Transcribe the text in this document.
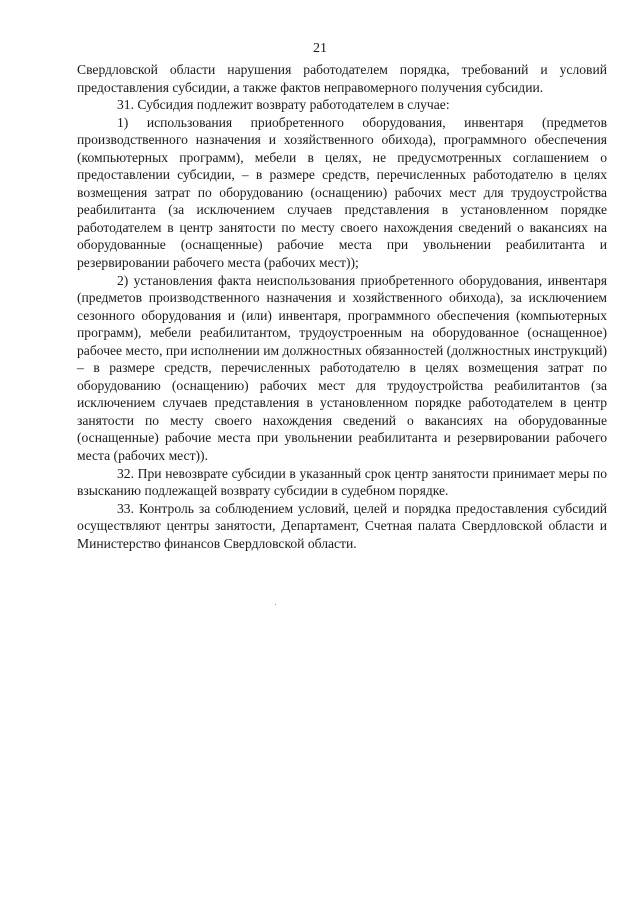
21

Свердловской области нарушения работодателем порядка, требований и условий предоставления субсидии, а также фактов неправомерного получения субсидии.

31. Субсидия подлежит возврату работодателем в случае:

1) использования приобретенного оборудования, инвентаря (предметов производственного назначения и хозяйственного обихода), программного обеспечения (компьютерных программ), мебели в целях, не предусмотренных соглашением о предоставлении субсидии, – в размере средств, перечисленных работодателю в целях возмещения затрат по оборудованию (оснащению) рабочих мест для трудоустройства реабилитанта (за исключением случаев представления в установленном порядке работодателем в центр занятости по месту своего нахождения сведений о вакансиях на оборудованные (оснащенные) рабочие места при увольнении реабилитанта и резервировании рабочего места (рабочих мест));

2) установления факта неиспользования приобретенного оборудования, инвентаря (предметов производственного назначения и хозяйственного обихода), за исключением сезонного оборудования и (или) инвентаря, программного обеспечения (компьютерных программ), мебели реабилитантом, трудоустроенным на оборудованное (оснащенное) рабочее место, при исполнении им должностных обязанностей (должностных инструкций) – в размере средств, перечисленных работодателю в целях возмещения затрат по оборудованию (оснащению) рабочих мест для трудоустройства реабилитантов (за исключением случаев представления в установленном порядке работодателем в центр занятости по месту своего нахождения сведений о вакансиях на оборудованные (оснащенные) рабочие места при увольнении реабилитанта и резервировании рабочего места (рабочих мест)).

32. При невозврате субсидии в указанный срок центр занятости принимает меры по взысканию подлежащей возврату субсидии в судебном порядке.

33. Контроль за соблюдением условий, целей и порядка предоставления субсидий осуществляют центры занятости, Департамент, Счетная палата Свердловской области и Министерство финансов Свердловской области.
